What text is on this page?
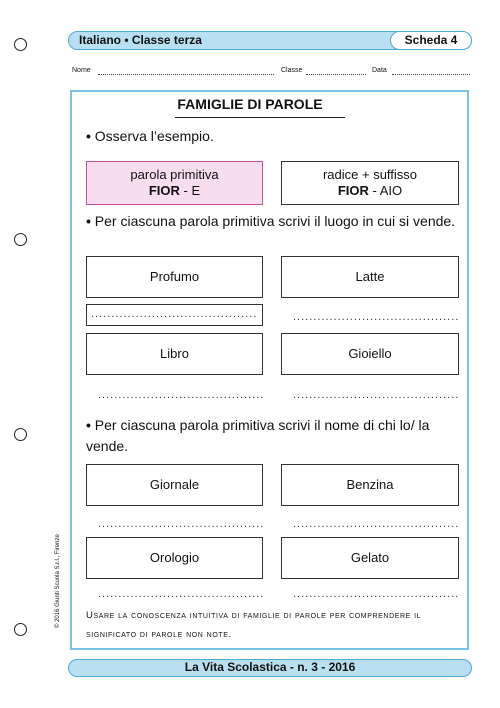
Italiano • Classe terza	Scheda 4
Nome	Classe	Data
FAMIGLIE DI PAROLE
• Osserva l’esempio.
parola primitiva
FIOR - E
radice + suffisso
FIOR - AIO
• Per ciascuna parola primitiva scrivi il luogo in cui si vende.
Profumo	Latte
.........................................	.........................................
Libro	Gioiello
.........................................	.........................................
• Per ciascuna parola primitiva scrivi il nome di chi lo/ la vende.
Giornale	Benzina
.........................................	.........................................
Orologio	Gelato
.........................................	.........................................
Usare la conoscenza intuitiva di famiglie di parole per comprendere il significato di parole non note.
© 2016 Giunti Scuola S.r.l., Firenze
La Vita Scolastica - n. 3 - 2016
